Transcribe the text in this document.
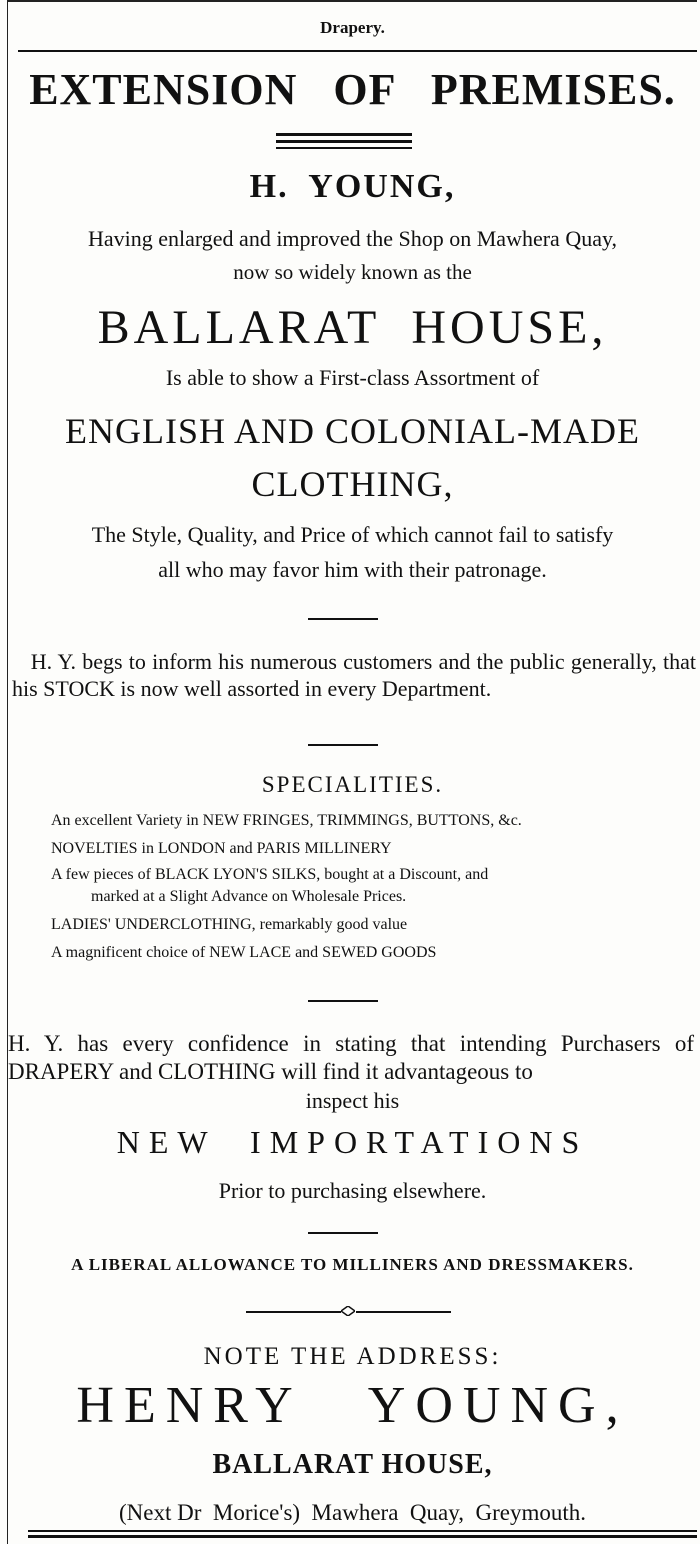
Drapery.
EXTENSION   OF   PREMISES.
H.  YOUNG,
Having enlarged and improved the Shop on Mawhera Quay,
now so widely known as the
BALLARAT  HOUSE,
Is able to show a First-class Assortment of
ENGLISH AND COLONIAL-MADE
CLOTHING,
The Style, Quality, and Price of which cannot fail to satisfy
all who may favor him with their patronage.
H. Y. begs to inform his numerous customers and the public generally, that his STOCK is now well assorted in every Department.
SPECIALITIES.
An excellent Variety in NEW FRINGES, TRIMMINGS, BUTTONS, &c.
NOVELTIES in LONDON and PARIS MILLINERY
A few pieces of BLACK LYON'S SILKS, bought at a Discount, and
marked at a Slight Advance on Wholesale Prices.
LADIES' UNDERCLOTHING, remarkably good value
A magnificent choice of NEW LACE and SEWED GOODS
H. Y. has every confidence in stating that intending Purchasers of DRAPERY and CLOTHING will find it advantageous to
inspect his
NEW  IMPORTATIONS
Prior to purchasing elsewhere.
A LIBERAL ALLOWANCE TO MILLINERS AND DRESSMAKERS.
NOTE THE ADDRESS:
HENRY   YOUNG,
BALLARAT HOUSE,
(Next Dr  Morice's)  Mawhera  Quay,  Greymouth.
